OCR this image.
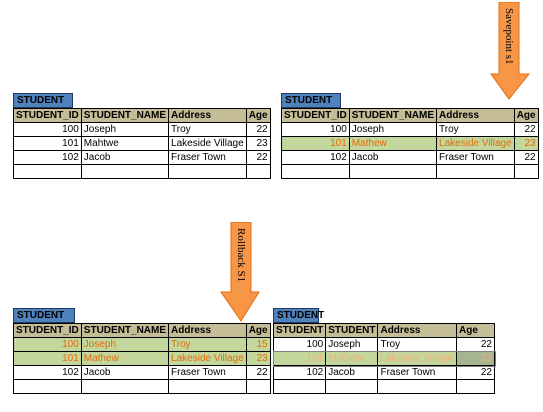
STUDENT
STUDENT_ID	STUDENT_NAME	Address	Age
100	Joseph	Troy	22
101	Mahtwe	Lakeside Village	23
102	Jacob	Fraser Town	22

STUDENT
STUDENT_ID	STUDENT_NAME	Address	Age
100	Joseph	Troy	22
101	Mathew	Lakeside Village	23
102	Jacob	Fraser Town	22

Savepoint s1
Rollback S1
STUDENT
STUDENT_ID	STUDENT_NAME	Address	Age
100	Joseph	Troy	15
101	Mathew	Lakeside Village	23
102	Jacob	Fraser Town	22

STUDENT
STUDENT	STUDENT	Address	Age
100	Joseph	Troy	22
101	Mathew	Lakeside Village	23
102	Jacob	Fraser Town	22
